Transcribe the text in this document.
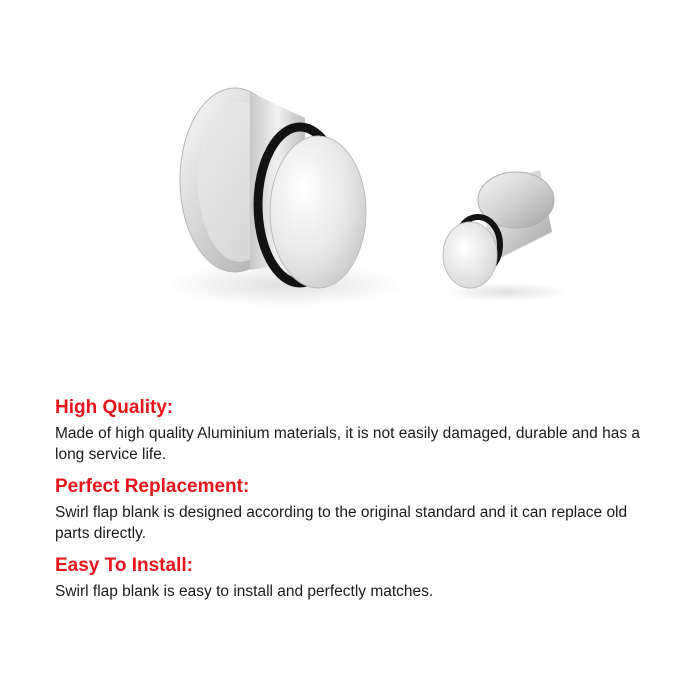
High Quality:

Made of high quality Aluminium materials, it is not easily damaged, durable and has a long service life.

Perfect Replacement:

Swirl flap blank is designed according to the original standard and it can replace old parts directly.

Easy To Install:

Swirl flap blank is easy to install and perfectly matches.
